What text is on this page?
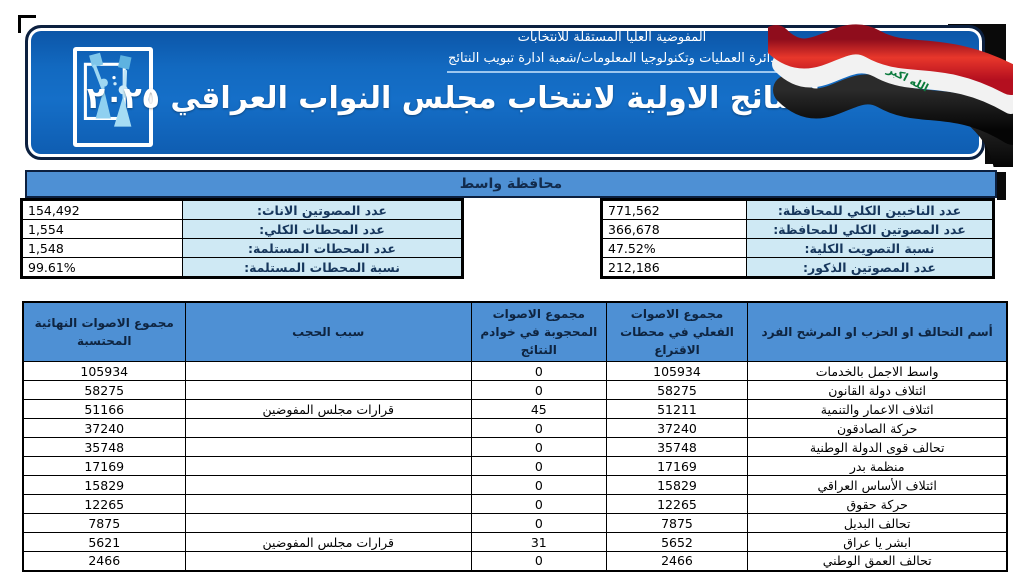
المفوضية العليا المستقلة للانتخابات
دائرة العمليات وتكنولوجيا المعلومات/شعبة ادارة تبويب النتائج
النتائج الاولية لانتخاب مجلس النواب العراقي ٢٠٢٥
الله اكبر
محافظة واسط
عدد الناخبين الكلي للمحافظة:	771,562
عدد المصوتين الكلي للمحافظة:	366,678
نسبة التصويت الكلية:	47.52%
عدد المصوتين الذكور:	212,186
عدد المصوتين الاناث:	154,492
عدد المحطات الكلي:	1,554
عدد المحطات المستلمة:	1,548
نسبة المحطات المستلمة:	99.61%
أسم التحالف او الحزب او المرشح الفرد	مجموع الاصوات الفعلي في محطات الاقتراع	مجموع الاصوات المحجوبة في خوادم النتائج	سبب الحجب	مجموع الاصوات النهائية المحتسبة
واسط الاجمل بالخدمات	105934	0		105934
ائتلاف دولة القانون	58275	0		58275
ائتلاف الاعمار والتنمية	51211	45	قرارات مجلس المفوضين	51166
حركة الصادقون	37240	0		37240
تحالف قوى الدولة الوطنية	35748	0		35748
منظمة بدر	17169	0		17169
ائتلاف الأساس العراقي	15829	0		15829
حركة حقوق	12265	0		12265
تحالف البديل	7875	0		7875
ابشر يا عراق	5652	31	قرارات مجلس المفوضين	5621
تحالف العمق الوطني	2466	0		2466
